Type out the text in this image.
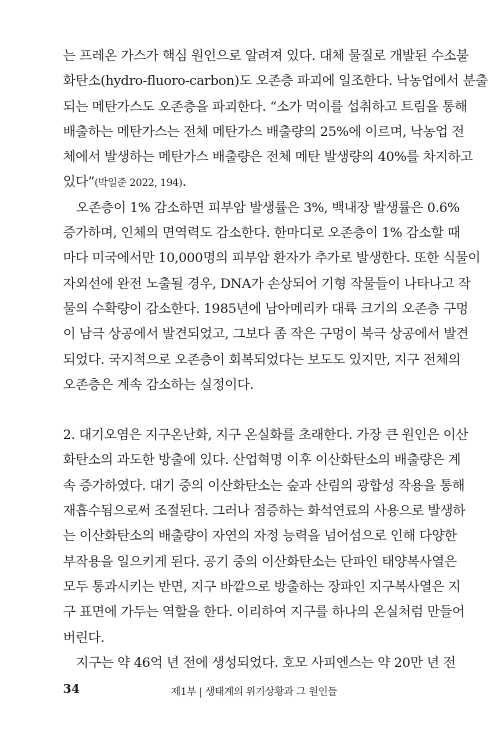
는 프레온 가스가 핵심 원인으로 알려져 있다. 대체 물질로 개발된 수소불
화탄소(hydro-fluoro-carbon)도 오존층 파괴에 일조한다. 낙농업에서 분출
되는 메탄가스도 오존층을 파괴한다. “소가 먹이를 섭취하고 트림을 통해
배출하는 메탄가스는 전체 메탄가스 배출량의 25%에 이르며, 낙농업 전
체에서 발생하는 메탄가스 배출량은 전체 메탄 발생량의 40%를 차지하고
있다”(박일준 2022, 194).
오존층이 1% 감소하면 피부암 발생률은 3%, 백내장 발생률은 0.6%
증가하며, 인체의 면역력도 감소한다. 한마디로 오존층이 1% 감소할 때
마다 미국에서만 10,000명의 피부암 환자가 추가로 발생한다. 또한 식물이
자외선에 완전 노출될 경우, DNA가 손상되어 기형 작물들이 나타나고 작
물의 수확량이 감소한다. 1985년에 남아메리카 대륙 크기의 오존층 구멍
이 남극 상공에서 발견되었고, 그보다 좀 작은 구멍이 북극 상공에서 발견
되었다. 국지적으로 오존층이 회복되었다는 보도도 있지만, 지구 전체의
오존층은 계속 감소하는 실정이다.
2. 대기오염은 지구온난화, 지구 온실화를 초래한다. 가장 큰 원인은 이산
화탄소의 과도한 방출에 있다. 산업혁명 이후 이산화탄소의 배출량은 계
속 증가하였다. 대기 중의 이산화탄소는 숲과 산림의 광합성 작용을 통해
재흡수됨으로써 조절된다. 그러나 점증하는 화석연료의 사용으로 발생하
는 이산화탄소의 배출량이 자연의 자정 능력을 넘어섬으로 인해 다양한
부작용을 일으키게 된다. 공기 중의 이산화탄소는 단파인 태양복사열은
모두 통과시키는 반면, 지구 바깥으로 방출하는 장파인 지구복사열은 지
구 표면에 가두는 역할을 한다. 이리하여 지구를 하나의 온실처럼 만들어
버린다.
지구는 약 46억 년 전에 생성되었다. 호모 사피엔스는 약 20만 년 전
34	제1부 | 생태계의 위기상황과 그 원인들
